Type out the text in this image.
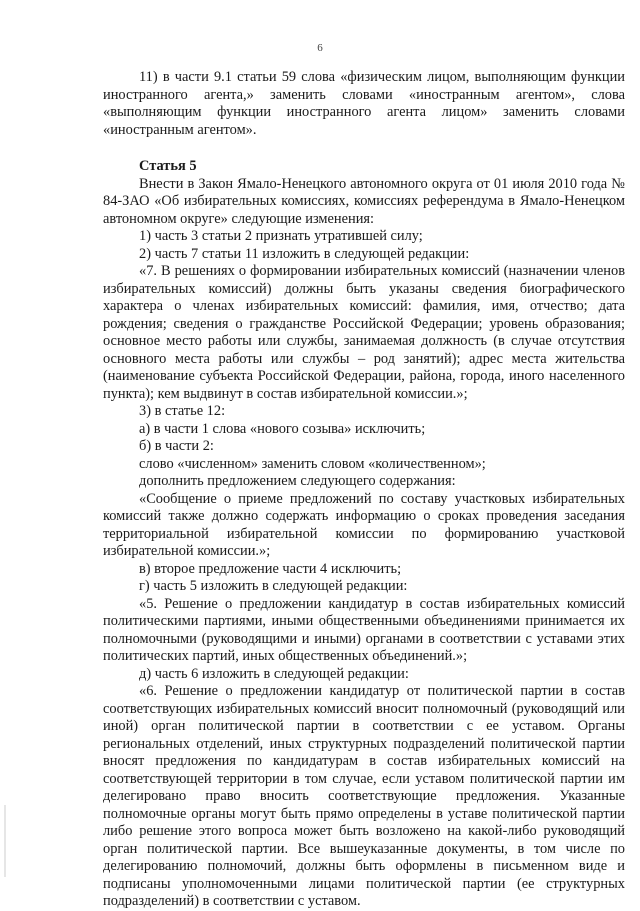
6

11) в части 9.1 статьи 59 слова «физическим лицом, выполняющим функции иностранного агента,» заменить словами «иностранным агентом», слова «выполняющим функции иностранного агента лицом» заменить словами «иностранным агентом».

Статья 5

Внести в Закон Ямало-Ненецкого автономного округа от 01 июля 2010 года № 84-ЗАО «Об избирательных комиссиях, комиссиях референдума в Ямало-Ненецком автономном округе» следующие изменения:

1) часть 3 статьи 2 признать утратившей силу;

2) часть 7 статьи 11 изложить в следующей редакции:

«7. В решениях о формировании избирательных комиссий (назначении членов избирательных комиссий) должны быть указаны сведения биографического характера о членах избирательных комиссий: фамилия, имя, отчество; дата рождения; сведения о гражданстве Российской Федерации; уровень образования; основное место работы или службы, занимаемая должность (в случае отсутствия основного места работы или службы – род занятий); адрес места жительства (наименование субъекта Российской Федерации, района, города, иного населенного пункта); кем выдвинут в состав избирательной комиссии.»;

3) в статье 12:

а) в части 1 слова «нового созыва» исключить;

б) в части 2:

слово «численном» заменить словом «количественном»;

дополнить предложением следующего содержания:

«Сообщение о приеме предложений по составу участковых избирательных комиссий также должно содержать информацию о сроках проведения заседания территориальной избирательной комиссии по формированию участковой избирательной комиссии.»;

в) второе предложение части 4 исключить;

г) часть 5 изложить в следующей редакции:

«5. Решение о предложении кандидатур в состав избирательных комиссий политическими партиями, иными общественными объединениями принимается их полномочными (руководящими и иными) органами в соответствии с уставами этих политических партий, иных общественных объединений.»;

д) часть 6 изложить в следующей редакции:

«6. Решение о предложении кандидатур от политической партии в состав соответствующих избирательных комиссий вносит полномочный (руководящий или иной) орган политической партии в соответствии с ее уставом. Органы региональных отделений, иных структурных подразделений политической партии вносят предложения по кандидатурам в состав избирательных комиссий на соответствующей территории в том случае, если уставом политической партии им делегировано право вносить соответствующие предложения. Указанные полномочные органы могут быть прямо определены в уставе политической партии либо решение этого вопроса может быть возложено на какой-либо руководящий орган политической партии. Все вышеуказанные документы, в том числе по делегированию полномочий, должны быть оформлены в письменном виде и подписаны уполномоченными лицами политической партии (ее структурных подразделений) в соответствии с уставом.
